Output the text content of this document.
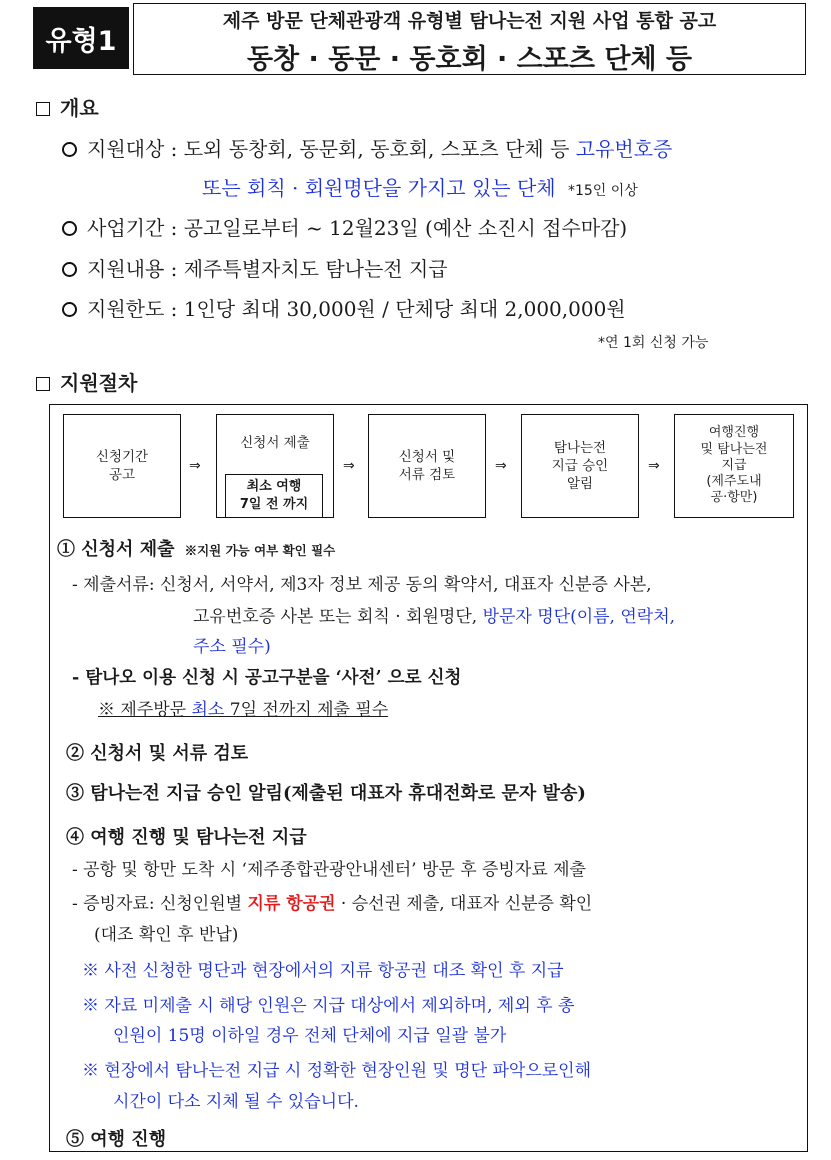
유형1
제주 방문 단체관광객 유형별 탐나는전 지원 사업 통합 공고
동창 · 동문 · 동호회 · 스포츠 단체 등
개요
지원대상 : 도외 동창회, 동문회, 동호회, 스포츠 단체 등 고유번호증
또는 회칙 · 회원명단을 가지고 있는 단체 *15인 이상
사업기간 : 공고일로부터 ~ 12월23일 (예산 소진시 접수마감)
지원내용 : 제주특별자치도 탐나는전 지급
지원한도 : 1인당 최대 30,000원 / 단체당 최대 2,000,000원
*연 1회 신청 가능
지원절차
신청기간
공고
⇒
신청서 제출
최소 여행
7일 전 까지
⇒
신청서 및
서류 검토
⇒
탐나는전
지급 승인
알림
⇒
여행진행
및 탐나는전
지급
(제주도내
공·항만)
① 신청서 제출 ※지원 가능 여부 확인 필수
- 제출서류: 신청서, 서약서, 제3자 정보 제공 동의 확약서, 대표자 신분증 사본,
고유번호증 사본 또는 회칙 · 회원명단, 방문자 명단(이름, 연락처,
주소 필수)
- 탐나오 이용 신청 시 공고구분을 ‘사전’ 으로 신청
※ 제주방문 최소 7일 전까지 제출 필수
② 신청서 및 서류 검토
③ 탐나는전 지급 승인 알림(제출된 대표자 휴대전화로 문자 발송)
④ 여행 진행 및 탐나는전 지급
- 공항 및 항만 도착 시 ‘제주종합관광안내센터’ 방문 후 증빙자료 제출
- 증빙자료: 신청인원별 지류 항공권 · 승선권 제출, 대표자 신분증 확인
(대조 확인 후 반납)
※ 사전 신청한 명단과 현장에서의 지류 항공권 대조 확인 후 지급
※ 자료 미제출 시 해당 인원은 지급 대상에서 제외하며, 제외 후 총
인원이 15명 이하일 경우 전체 단체에 지급 일괄 불가
※ 현장에서 탐나는전 지급 시 정확한 현장인원 및 명단 파악으로인해
시간이 다소 지체 될 수 있습니다.
⑤ 여행 진행
